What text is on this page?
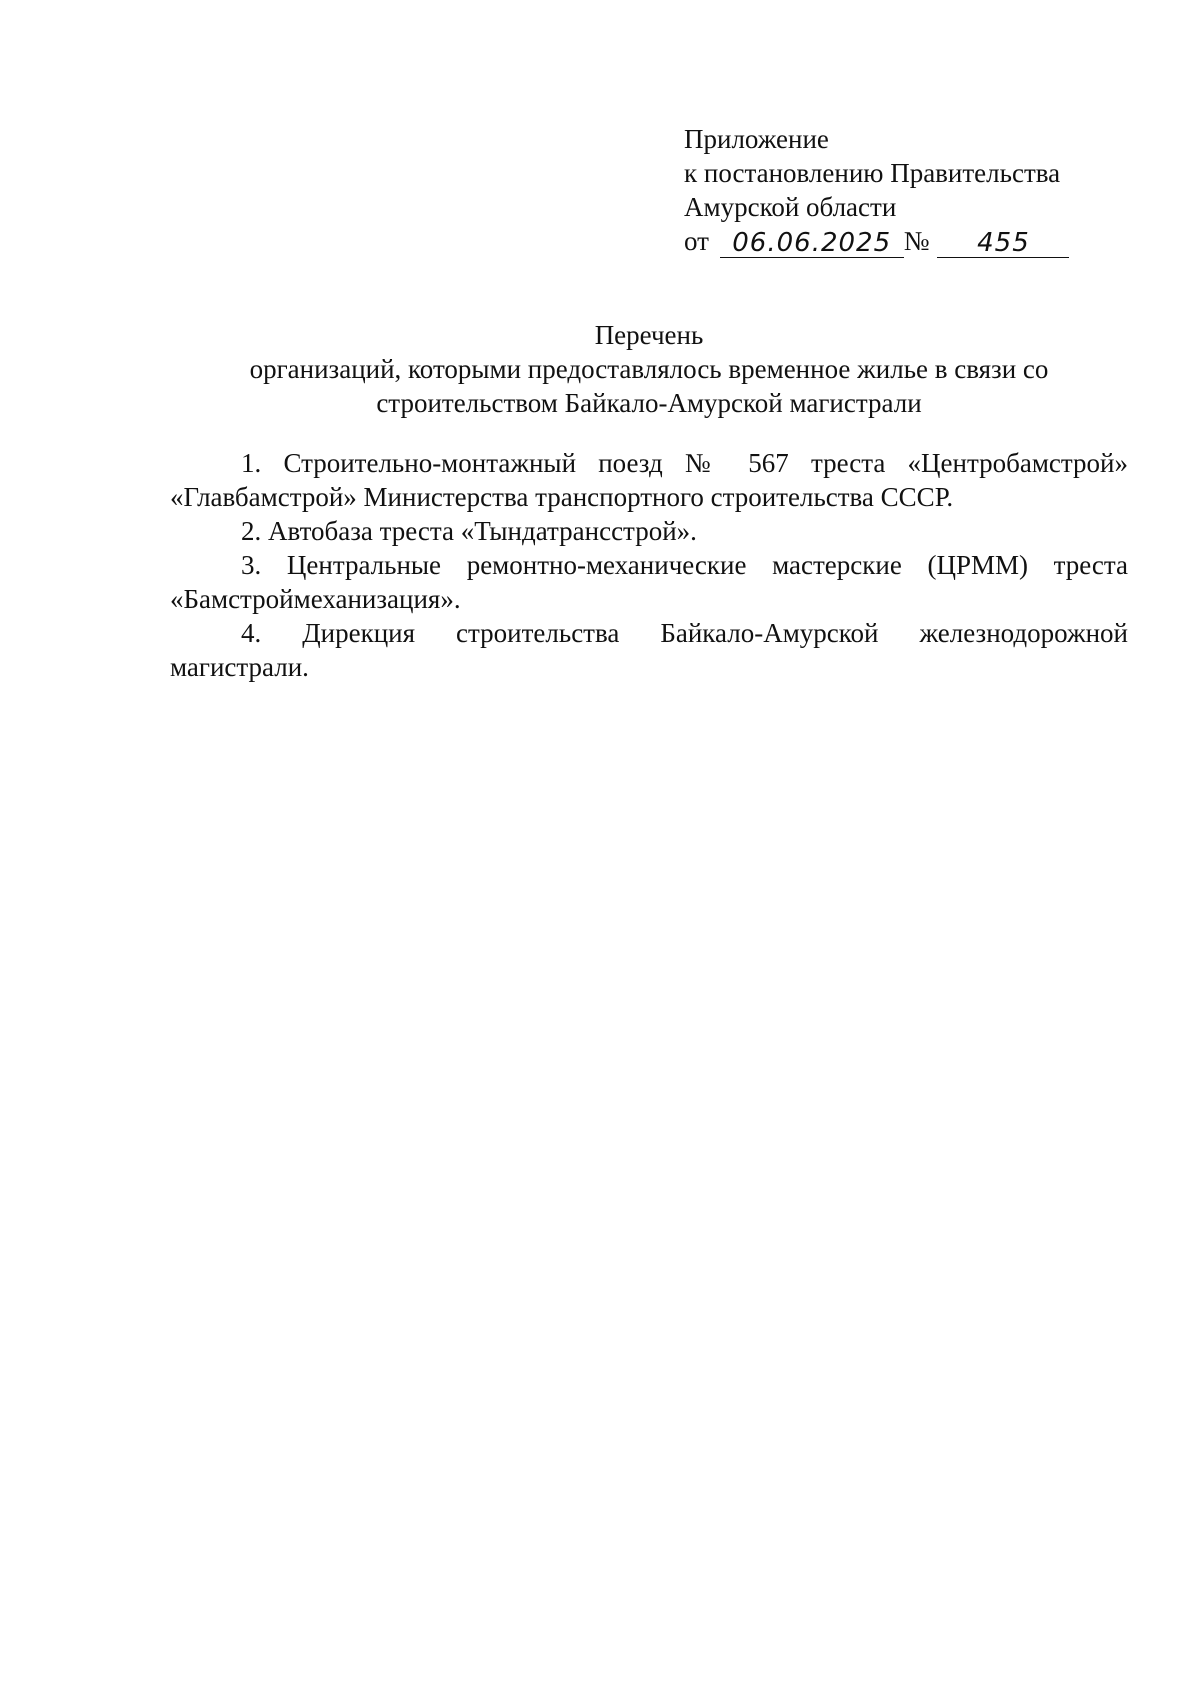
Приложение
к постановлению Правительства
Амурской области
от
06.06.2025 №	455
Перечень
организаций, которыми предоставлялось временное жилье в связи со
строительством Байкало-Амурской магистрали

1. Строительно-монтажный поезд № 567 треста «Центробамстрой» «Главбамстрой» Министерства транспортного строительства СССР.

2. Автобаза треста «Тындатрансстрой».

3. Центральные ремонтно-механические мастерские (ЦРММ) треста «Бамстроймеханизация».

4. Дирекция строительства Байкало-Амурской железнодорожной магистрали.
